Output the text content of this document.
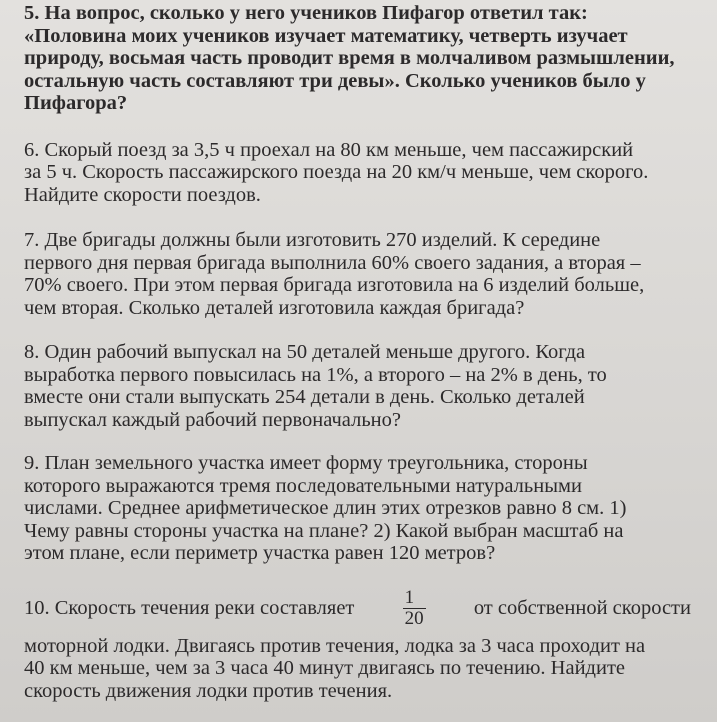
5. На вопрос, сколько у него учеников Пифагор ответил так:
«Половина моих учеников изучает математику, четверть изучает
природу, восьмая часть проводит время в молчаливом размышлении,
остальную часть составляют три девы». Сколько учеников было у
Пифагора?
6. Скорый поезд за 3,5 ч проехал на 80 км меньше, чем пассажирский
за 5 ч. Скорость пассажирского поезда на 20 км/ч меньше, чем скорого.
Найдите скорости поездов.
7. Две бригады должны были изготовить 270 изделий. К середине
первого дня первая бригада выполнила 60% своего задания, а вторая –
70% своего. При этом первая бригада изготовила на 6 изделий больше,
чем вторая. Сколько деталей изготовила каждая бригада?
8. Один рабочий выпускал на 50 деталей меньше другого. Когда
выработка первого повысилась на 1%, а второго – на 2% в день, то
вместе они стали выпускать 254 детали в день. Сколько деталей
выпускал каждый рабочий первоначально?
9. План земельного участка имеет форму треугольника, стороны
которого выражаются тремя последовательными натуральными
числами. Среднее арифметическое длин этих отрезков равно 8 см. 1)
Чему равны стороны участка на плане? 2) Какой выбран масштаб на
этом плане, если периметр участка равен 120 метров?
10. Скорость течения реки составляет	$\frac{1}{20}$ от собственной скорости
моторной лодки. Двигаясь против течения, лодка за 3 часа проходит на
40 км меньше, чем за 3 часа 40 минут двигаясь по течению. Найдите
скорость движения лодки против течения.
